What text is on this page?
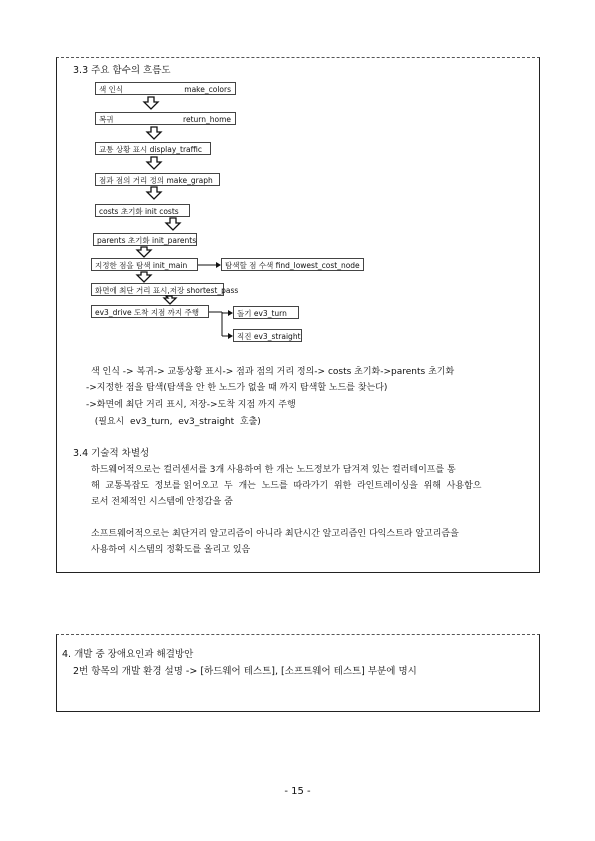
3.3 주요 함수의 흐름도
색 인식	make_colors
복귀	return_home
교통 상황 표시 display_traffic
점과 점의 거리 정의 make_graph
costs 초기화 init costs
parents 초기화 init_parents
지정한 점을 탐색 init_main
화면에 최단 거리 표시,저장 shortest_pass
ev3_drive 도착 지점 까지 주행
탐색할 점 수색 find_lowest_cost_node
돌기 ev3_turn
직진 ev3_straight
색 인식 -> 복귀-> 교통상황 표시-> 점과 점의 거리 정의-> costs 초기화->parents 초기화
->지정한 점을 탐색(탐색을 안 한 노드가 없을 때 까지 탐색할 노드를 찾는다)
->화면에 최단 거리 표시, 저장->도착 지점 까지 주행
(필요시  ev3_turn,  ev3_straight  호출)
3.4 기술적 차별성
하드웨어적으로는 컬러센서를 3개 사용하여 한 개는 노드정보가 담겨져 있는 컬러테이프를 통
해  교통복잡도  정보를 읽어오고  두  개는  노드를  따라가기  위한  라인트레이싱을  위해  사용함으
로서 전체적인 시스템에 안정감을 줌
소프트웨어적으로는 최단거리 알고리즘이 아니라 최단시간 알고리즘인 다익스트라 알고리즘을
사용하여 시스템의 정확도를 올리고 있음
4. 개발 중 장애요인과 해결방안
2번 항목의 개발 환경 설명 -> [하드웨어 테스트], [소프트웨어 테스트] 부분에 명시
- 15 -
